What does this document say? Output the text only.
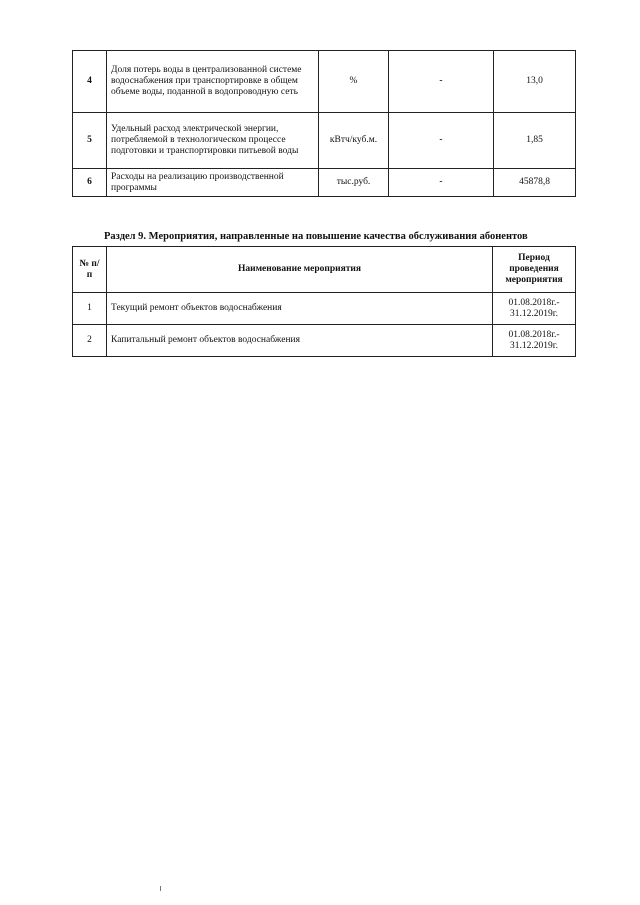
4	Доля потерь воды в централизованной системе водоснабжения при транспортировке в общем объеме воды, поданной в водопроводную сеть	%	-	13,0
5	Удельный расход электрической энергии, потребляемой в технологическом процессе подготовки и транспортировки питьевой воды	кВтч/куб.м.	-	1,85
6	Расходы на реализацию производственной программы	тыс.руб.	-	45878,8

Раздел 9. Мероприятия, направленные на повышение качества обслуживания абонентов

№ п/п	Наименование мероприятия	Период проведения мероприятия
1	Текущий ремонт объектов водоснабжения	01.08.2018г.- 31.12.2019г.
2	Капитальный ремонт объектов водоснабжения	01.08.2018г.- 31.12.2019г.
